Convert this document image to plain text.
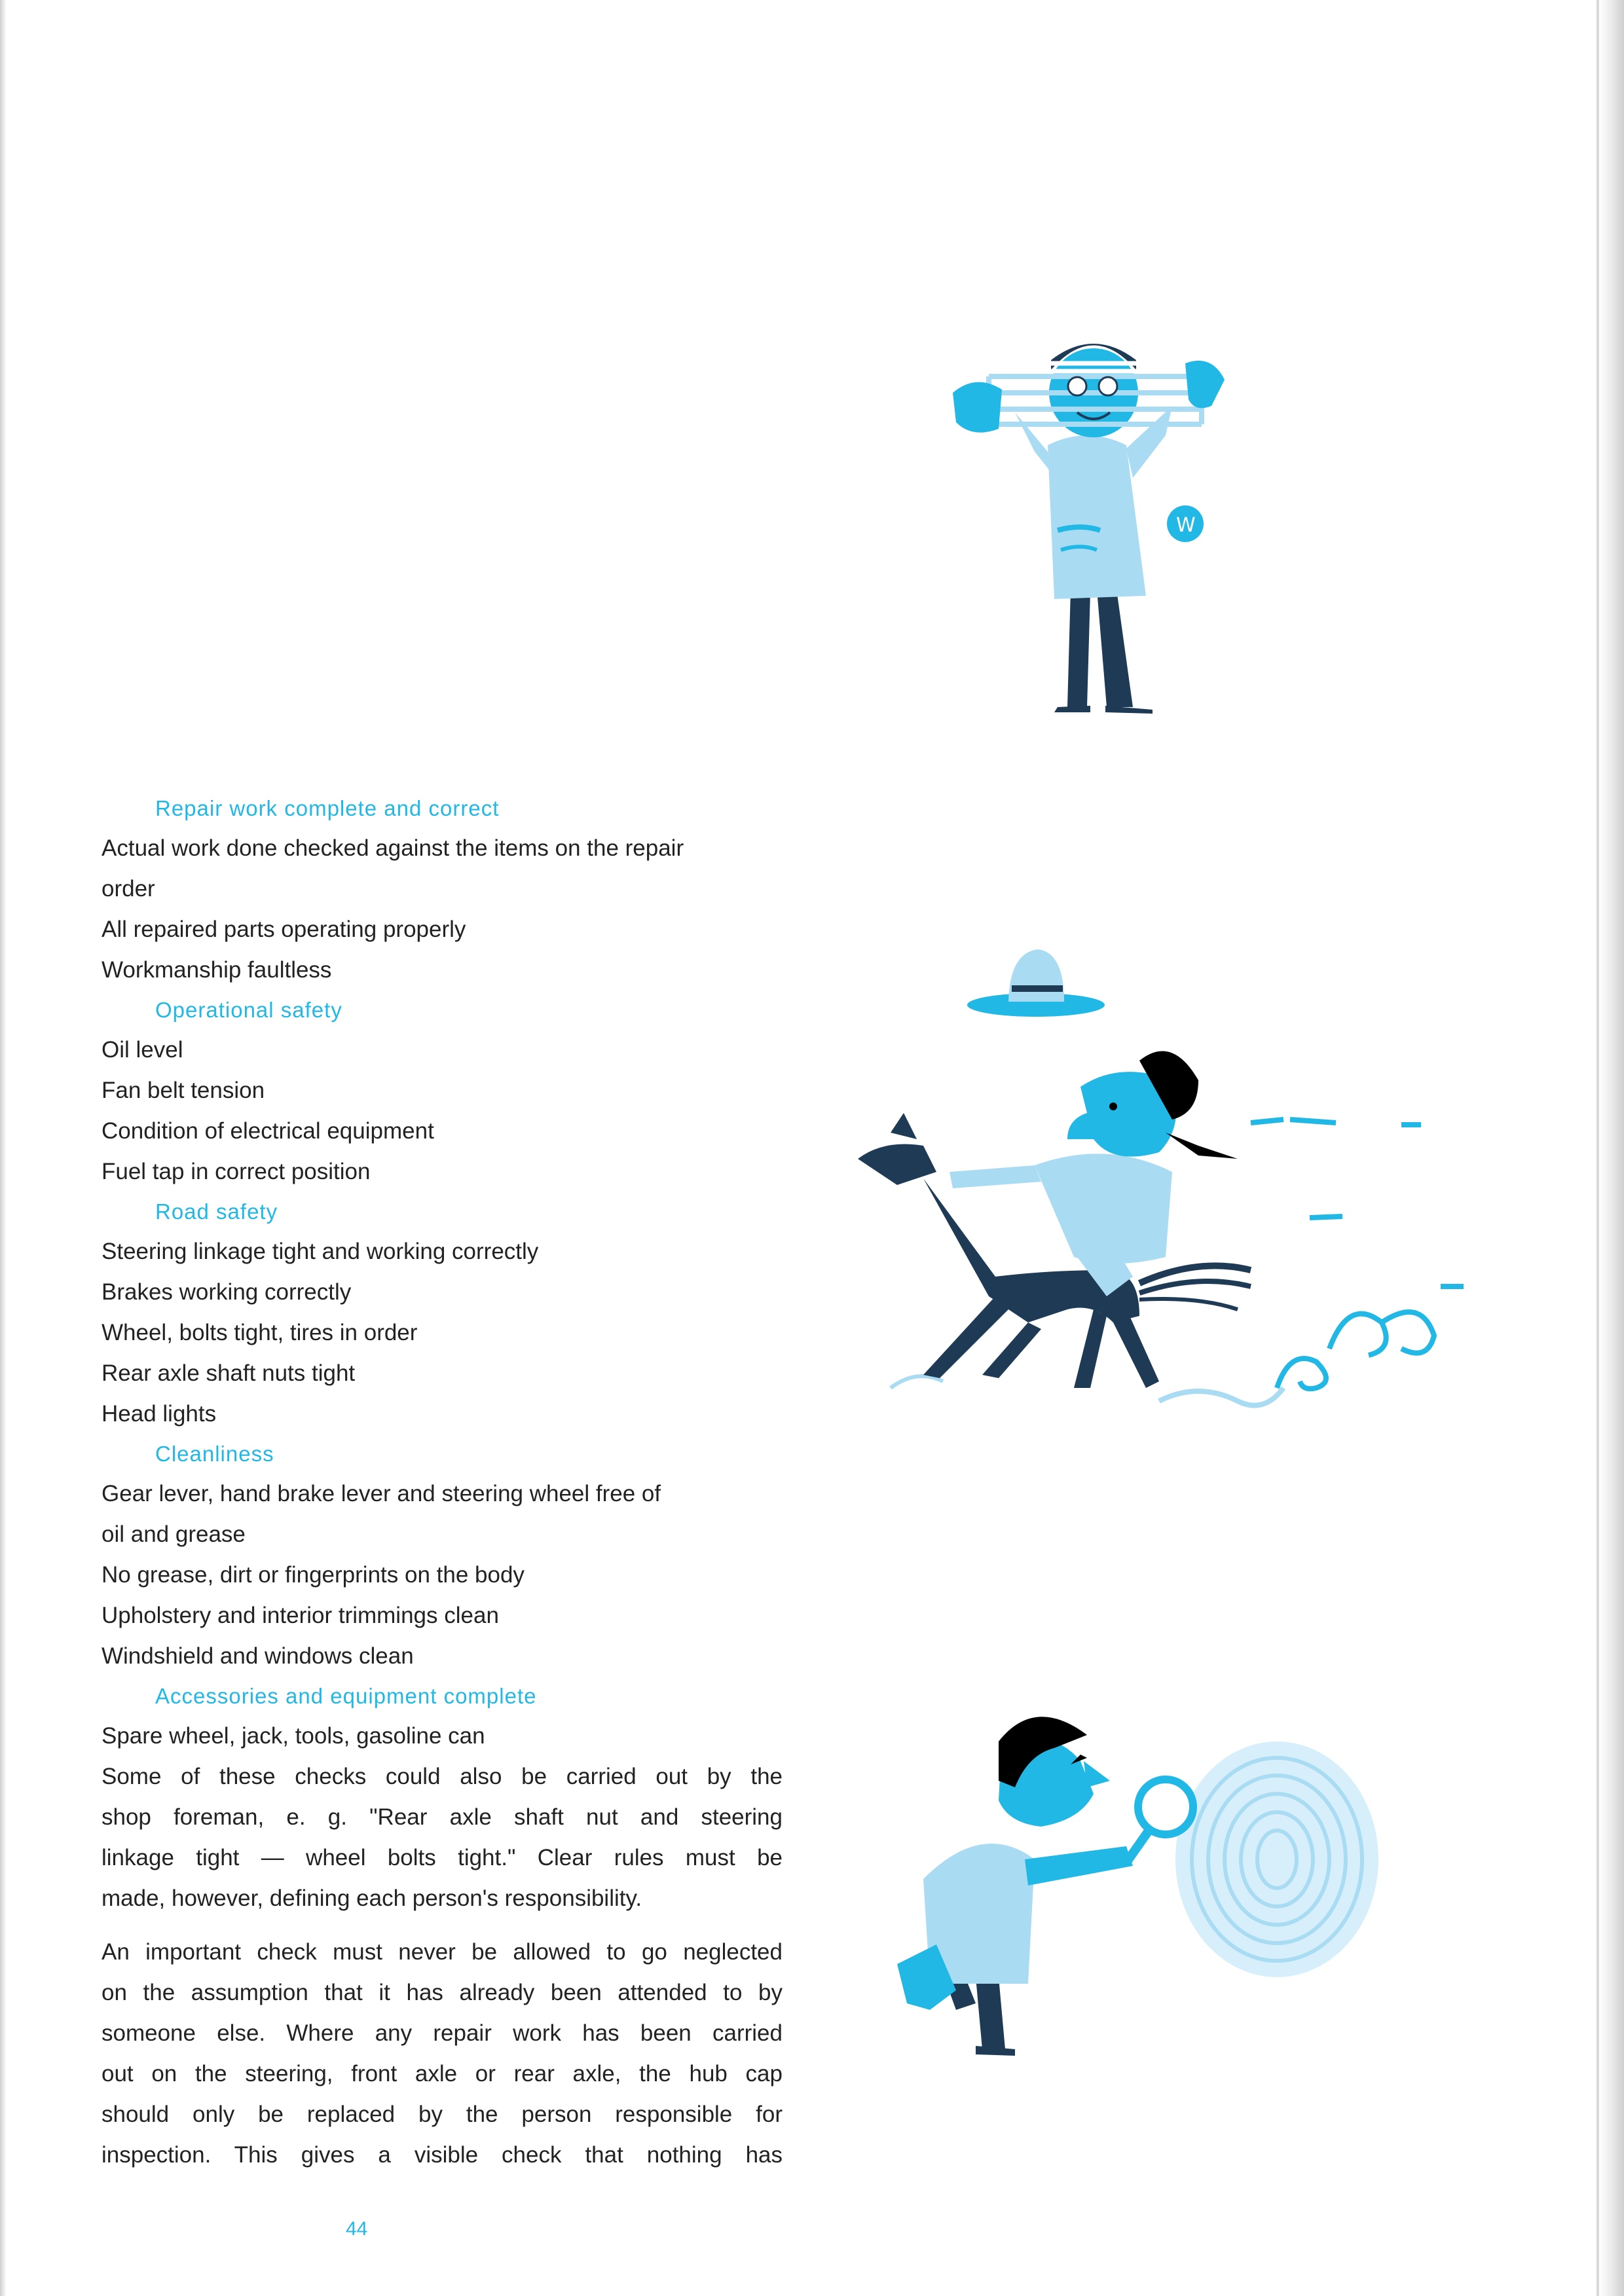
W
Repair work complete and correct
Actual work done checked against the items on the repair
order
All repaired parts operating properly
Workmanship faultless
Operational safety
Oil level
Fan belt tension
Condition of electrical equipment
Fuel tap in correct position
Road safety
Steering linkage tight and working correctly
Brakes working correctly
Wheel, bolts tight, tires in order
Rear axle shaft nuts tight
Head lights
Cleanliness
Gear lever, hand brake lever and steering wheel free of
oil and grease
No grease, dirt or fingerprints on the body
Upholstery and interior trimmings clean
Windshield and windows clean
Accessories and equipment complete
Spare wheel, jack, tools, gasoline can
Some of these checks could also be carried out by the
shop foreman, e. g. "Rear axle shaft nut and steering
linkage tight — wheel bolts tight." Clear rules must be
made, however, defining each person's responsibility.
An important check must never be allowed to go neglected
on the assumption that it has already been attended to by
someone else. Where any repair work has been carried
out on the steering, front axle or rear axle, the hub cap
should only be replaced by the person responsible for
inspection. This gives a visible check that nothing has
44
